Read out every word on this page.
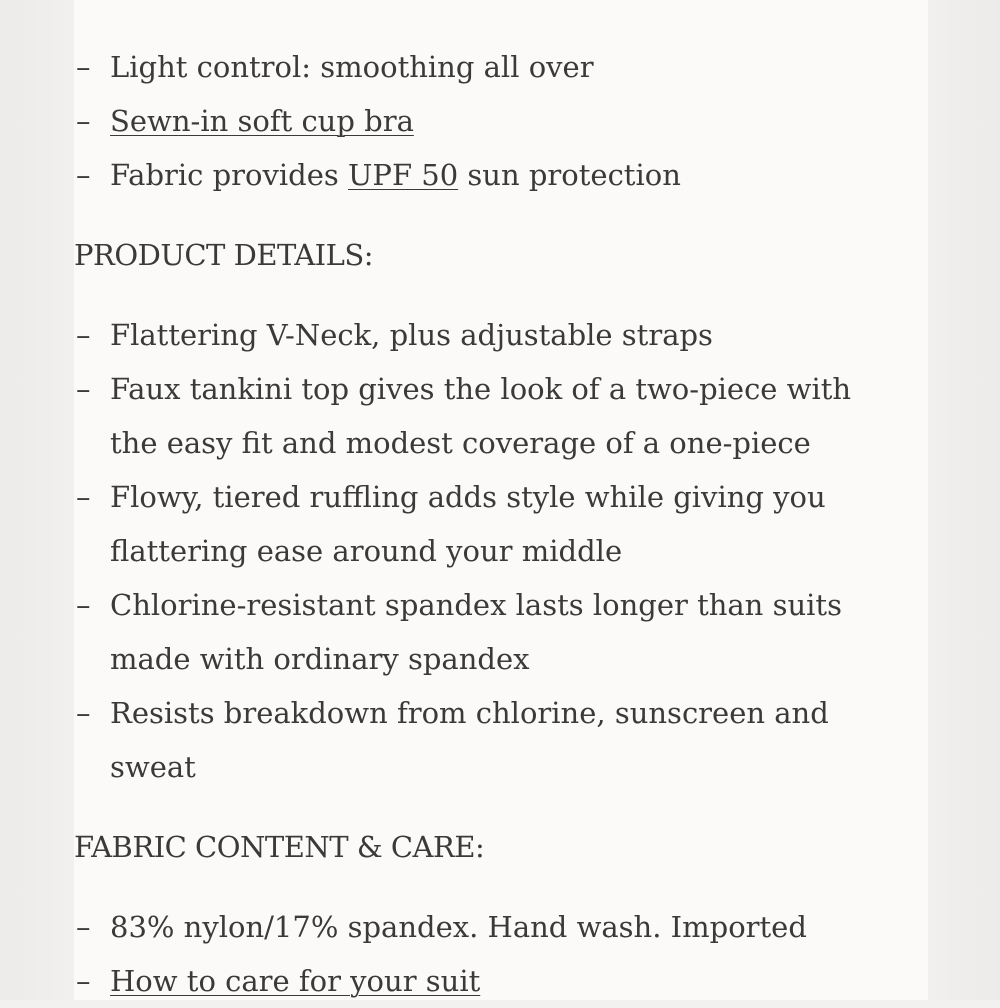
– Light control: smoothing all over
– Sewn-in soft cup bra
– Fabric provides UPF 50 sun protection
PRODUCT DETAILS:
– Flattering V-Neck, plus adjustable straps
– Faux tankini top gives the look of a two-piece with the easy fit and modest coverage of a one-piece
– Flowy, tiered ruffling adds style while giving you flattering ease around your middle
– Chlorine-resistant spandex lasts longer than suits made with ordinary spandex
– Resists breakdown from chlorine, sunscreen and sweat
FABRIC CONTENT & CARE:
– 83% nylon/17% spandex. Hand wash. Imported
– How to care for your suit
